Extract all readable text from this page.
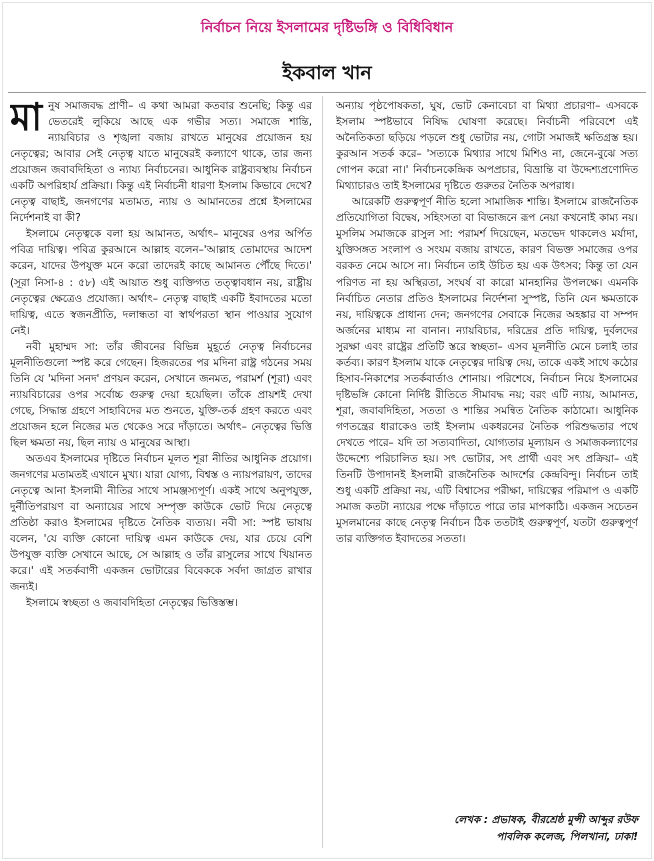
নির্বাচন নিয়ে ইসলামের দৃষ্টিভঙ্গি ও বিধিবিধান
ইকবাল খান

মানুষ সমাজবদ্ধ প্রাণী– এ কথা আমরা কতবার শুনেছি; কিন্তু এর ভেতরেই লুকিয়ে আছে এক গভীর সত্য। সমাজে শান্তি, ন্যায়বিচার ও শৃঙ্খলা বজায় রাখতে মানুষের প্রয়োজন হয় নেতৃত্বের; আবার সেই নেতৃত্ব যাতে মানুষেরই কল্যাণে থাকে, তার জন্য প্রয়োজন জবাবদিহিতা ও ন্যায্য নির্বাচনের। আধুনিক রাষ্ট্রব্যবস্থায় নির্বাচন একটি অপরিহার্য প্রক্রিয়া। কিন্তু এই নির্বাচনী ধারণা ইসলাম কিভাবে দেখে? নেতৃত্ব বাছাই, জনগণের মতামত, ন্যায় ও আমানতের প্রশ্নে ইসলামের নির্দেশনাই বা কী?

ইসলামে নেতৃত্বকে বলা হয় আমানত, অর্থাৎ– মানুষের ওপর অর্পিত পবিত্র দায়িত্ব। পবিত্র কুরআনে আল্লাহ বলেন–'আল্লাহ তোমাদের আদেশ করেন, যাদের উপযুক্ত মনে করো তাদেরই কাছে আমানত পৌঁছে দিতে।' (সূরা নিসা-৪ : ৫৮) এই আয়াত শুধু ব্যক্তিগত তত্ত্বাবধান নয়, রাষ্ট্রীয় নেতৃত্বের ক্ষেত্রেও প্রযোজ্য। অর্থাৎ– নেতৃত্ব বাছাই একটি ইবাদতের মতো দায়িত্ব, এতে স্বজনপ্রীতি, দলান্ধতা বা স্বার্থপরতা স্থান পাওয়ার সুযোগ নেই।

নবী মুহাম্মদ সা: তাঁর জীবনের বিভিন্ন মুহূর্তে নেতৃত্ব নির্বাচনের মূলনীতিগুলো স্পষ্ট করে গেছেন। হিজরতের পর মদিনা রাষ্ট্র গঠনের সময় তিনি যে 'মদিনা সনদ' প্রণয়ন করেন, সেখানে জনমত, পরামর্শ (শূরা) এবং ন্যায়বিচারের ওপর সর্বোচ্চ গুরুত্ব দেয়া হয়েছিল। তাঁকে প্রায়শই দেখা গেছে, সিদ্ধান্ত গ্রহণে সাহাবিদের মত শুনতে, যুক্তি-তর্ক গ্রহণ করতে এবং প্রয়োজন হলে নিজের মত থেকেও সরে দাঁড়াতে। অর্থাৎ– নেতৃত্বের ভিত্তি ছিল ক্ষমতা নয়, ছিল ন্যায় ও মানুষের আস্থা।

অতএব ইসলামের দৃষ্টিতে নির্বাচন মূলত শূরা নীতির আধুনিক প্রয়োগ। জনগণের মতামতই এখানে মুখ্য। যারা যোগ্য, বিশ্বস্ত ও ন্যায়পরায়ণ, তাদের নেতৃত্বে আনা ইসলামী নীতির সাথে সামঞ্জস্যপূর্ণ। একই সাথে অনুপযুক্ত, দুর্নীতিপরায়ণ বা অন্যায়ের সাথে সম্পৃক্ত কাউকে ভোট দিয়ে নেতৃত্বে প্রতিষ্ঠা করাও ইসলামের দৃষ্টিতে নৈতিক ব্যত্যয়। নবী সা: স্পষ্ট ভাষায় বলেন, 'যে ব্যক্তি কোনো দায়িত্ব এমন কাউকে দেয়, যার চেয়ে বেশি উপযুক্ত ব্যক্তি সেখানে আছে, সে আল্লাহ ও তাঁর রাসুলের সাথে খিয়ানত করে।' এই সতর্কবাণী একজন ভোটারের বিবেককে সর্বদা জাগ্রত রাখার জন্যই।

ইসলামে স্বচ্ছতা ও জবাবদিহিতা নেতৃত্বের ভিত্তিস্তম্ভ।

অন্যায় পৃষ্ঠপোষকতা, ঘুষ, ভোট কেনাবেচা বা মিথ্যা প্রচারণা– এসবকে ইসলাম স্পষ্টভাবে নিষিদ্ধ ঘোষণা করেছে। নির্বাচনী পরিবেশে এই অনৈতিকতা ছড়িয়ে পড়লে শুধু ভোটার নয়, গোটা সমাজই ক্ষতিগ্রস্ত হয়। কুরআন সতর্ক করে– 'সত্যকে মিথ্যার সাথে মিশিও না, জেনে-বুঝে সত্য গোপন করো না।' নির্বাচনকেন্দ্রিক অপপ্রচার, বিভ্রান্তি বা উদ্দেশ্যপ্রণোদিত মিথ্যাচারও তাই ইসলামের দৃষ্টিতে গুরুতর নৈতিক অপরাধ।

আরেকটি গুরুত্বপূর্ণ নীতি হলো সামাজিক শান্তি। ইসলামে রাজনৈতিক প্রতিযোগিতা বিদ্বেষ, সহিংসতা বা বিভাজনে রূপ নেয়া কখনোই কাম্য নয়। মুসলিম সমাজকে রাসুল সা: পরামর্শ দিয়েছেন, মতভেদ থাকলেও মর্যাদা, যুক্তিসঙ্গত সংলাপ ও সংযম বজায় রাখতে, কারণ বিভক্ত সমাজের ওপর বরকত নেমে আসে না। নির্বাচন তাই উচিত হয় এক উৎসব; কিন্তু তা যেন পরিণত না হয় অস্থিরতা, সংঘর্ষ বা কারো মানহানির উপলক্ষে। এমনকি নির্বাচিত নেতার প্রতিও ইসলামের নির্দেশনা সুস্পষ্ট, তিনি যেন ক্ষমতাকে নয়, দায়িত্বকে প্রাধান্য দেন; জনগণের সেবাকে নিজের অহঙ্কার বা সম্পদ অর্জনের মাধ্যম না বানান। ন্যায়বিচার, দরিদ্রের প্রতি দায়িত্ব, দুর্বলদের সুরক্ষা এবং রাষ্ট্রের প্রতিটি স্তরে স্বচ্ছতা– এসব মূলনীতি মেনে চলাই তার কর্তব্য। কারণ ইসলাম যাকে নেতৃত্বের দায়িত্ব দেয়, তাকে একই সাথে কঠোর হিসাব-নিকাশের সতর্কবার্তাও শোনায়। পরিশেষে, নির্বাচন নিয়ে ইসলামের দৃষ্টিভঙ্গি কোনো নির্দিষ্ট রীতিতে সীমাবদ্ধ নয়; বরং এটি ন্যায়, আমানত, শূরা, জবাবদিহিতা, সততা ও শান্তির সমন্বিত নৈতিক কাঠামো। আধুনিক গণতন্ত্রের ধারাকেও তাই ইসলাম একধরনের নৈতিক পরিশুদ্ধতার পথে দেখতে পারে– যদি তা সত্যবাদিতা, যোগ্যতার মূল্যায়ন ও সমাজকল্যাণের উদ্দেশ্যে পরিচালিত হয়। সৎ ভোটার, সৎ প্রার্থী এবং সৎ প্রক্রিয়া– এই তিনটি উপাদানই ইসলামী রাজনৈতিক আদর্শের কেন্দ্রবিন্দু। নির্বাচন তাই শুধু একটি প্রক্রিয়া নয়, এটি বিশ্বাসের পরীক্ষা, দায়িত্বের পরিমাপ ও একটি সমাজ কতটা ন্যায়ের পক্ষে দাঁড়াতে পারে তার মাপকাঠি। একজন সচেতন মুসলমানের কাছে নেতৃত্ব নির্বাচন ঠিক ততটাই গুরুত্বপূর্ণ, যতটা গুরুত্বপূর্ণ তার ব্যক্তিগত ইবাদতের সততা।

লেখক : প্রভাষক, বীরশ্রেষ্ঠ মুন্সী আব্দুর রউফ
পাবলিক কলেজ, পিলখানা, ঢাকা!
